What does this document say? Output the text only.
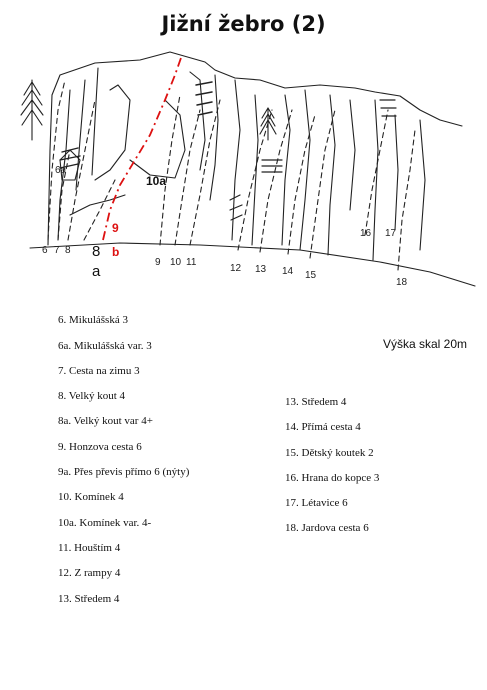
Jižní žebro (2)
6a
10a
9
b
a
6 7 8 8
9 10 11
12 13 14 15
16 17
18
6. Mikulášská 3
6a. Mikulášská var. 3
7. Cesta na zimu 3
8. Velký kout 4
8a. Velký kout var 4+
9. Honzova cesta 6
9a. Přes převis přímo 6 (nýty)
10. Komínek 4
10a. Komínek var. 4-
11. Houštím 4
12. Z rampy 4
13. Středem 4
Výška skal 20m
13. Středem 4
14. Přímá cesta 4
15. Dětský koutek 2
16. Hrana do kopce 3
17. Létavice 6
18. Jardova cesta 6
